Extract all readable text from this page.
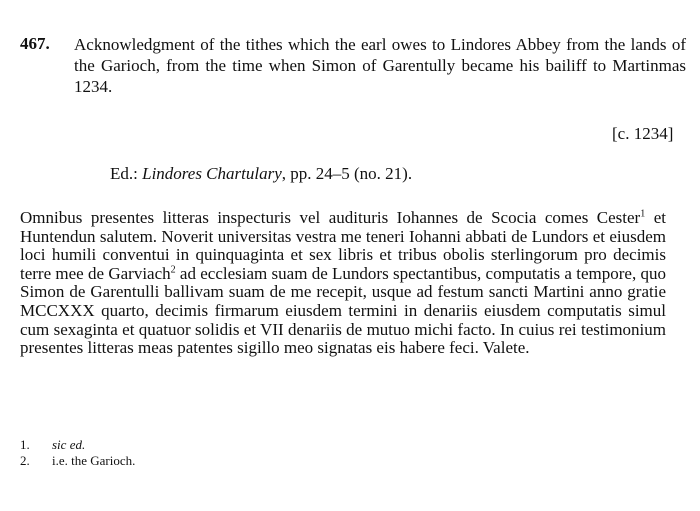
467. Acknowledgment of the tithes which the earl owes to Lindores Abbey from the lands of the Garioch, from the time when Simon of Garentully became his bailiff to Martinmas 1234.
[c. 1234]
Ed.: Lindores Chartulary, pp. 24–5 (no. 21).
Omnibus presentes litteras inspecturis vel audituris Iohannes de Scocia comes Cester$^1$ et Huntendun salutem. Noverit universitas vestra me teneri Iohanni abbati de Lundors et eiusdem loci humili conventui in quinquaginta et sex libris et tribus obolis sterlingorum pro decimis terre mee de Garviach$^2$ ad ecclesiam suam de Lundors spectantibus, computatis a tempore, quo Simon de Garentulli ballivam suam de me recepit, usque ad festum sancti Martini anno gratie MCCXXX quarto, decimis firmarum eiusdem termini in denariis eiusdem computatis simul cum sexaginta et quatuor solidis et VII denariis de mutuo michi facto. In cuius rei testimonium presentes litteras meas patentes sigillo meo signatas eis habere feci. Valete.
1.	sic ed.
2.	i.e. the Garioch.
